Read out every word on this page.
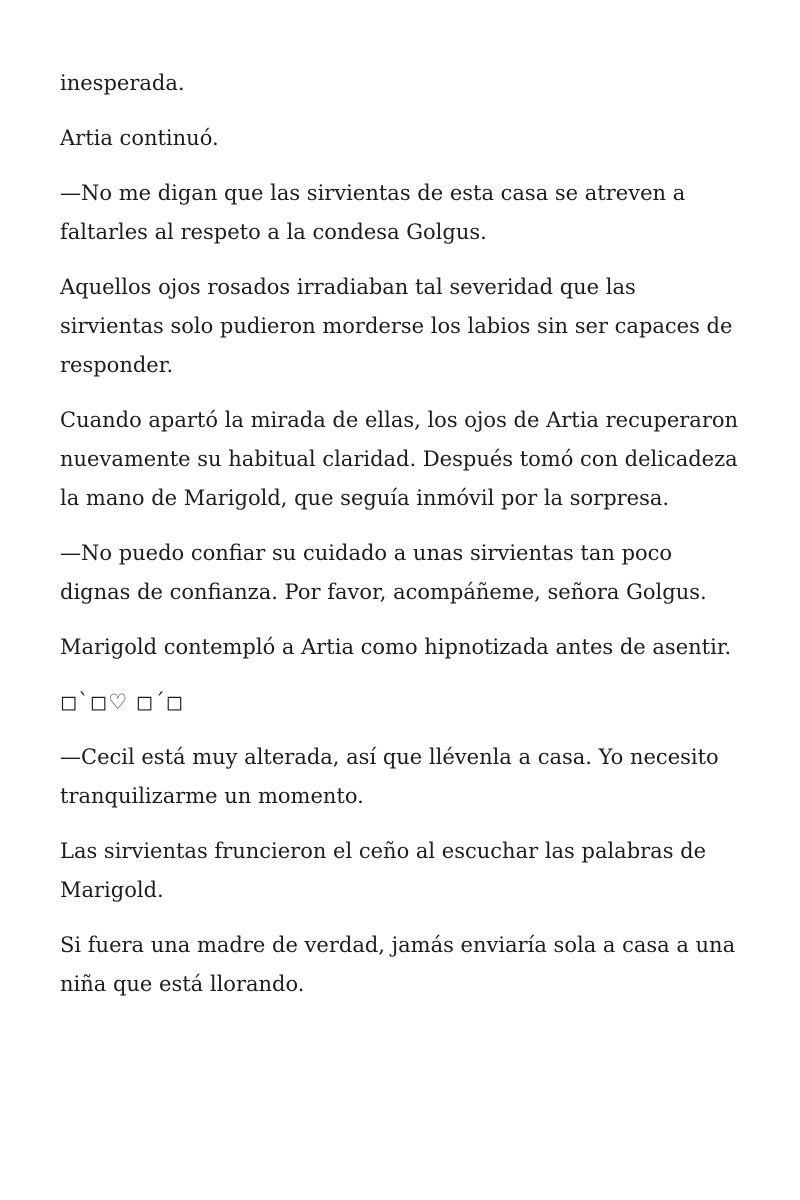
inesperada.

Artia continuó.

—No me digan que las sirvientas de esta casa se atreven a faltarles al respeto a la condesa Golgus.

Aquellos ojos rosados irradiaban tal severidad que las sirvientas solo pudieron morderse los labios sin ser capaces de responder.

Cuando apartó la mirada de ellas, los ojos de Artia recuperaron nuevamente su habitual claridad. Después tomó con delicadeza la mano de Marigold, que seguía inmóvil por la sorpresa.

—No puedo confiar su cuidado a unas sirvientas tan poco dignas de confianza. Por favor, acompáñeme, señora Golgus.

Marigold contempló a Artia como hipnotizada antes de asentir.

◻`◻♡ ◻´◻

—Cecil está muy alterada, así que llévenla a casa. Yo necesito tranquilizarme un momento.

Las sirvientas fruncieron el ceño al escuchar las palabras de Marigold.

Si fuera una madre de verdad, jamás enviaría sola a casa a una niña que está llorando.
